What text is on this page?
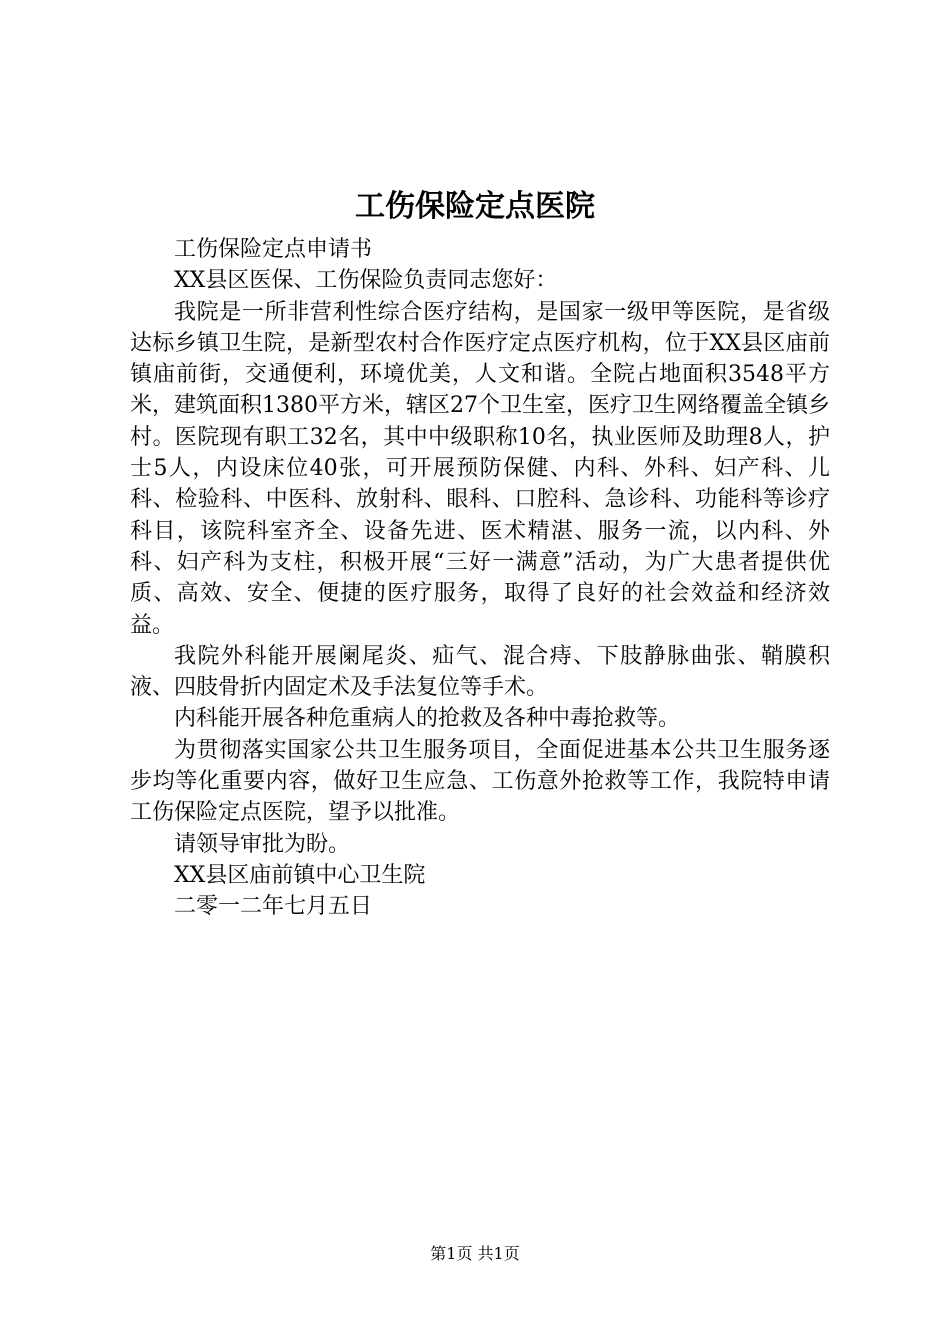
工伤保险定点医院

工伤保险定点申请书

XX县区医保、工伤保险负责同志您好：

我院是一所非营利性综合医疗结构，是国家一级甲等医院，是省级达标乡镇卫生院，是新型农村合作医疗定点医疗机构，位于XX县区庙前镇庙前街，交通便利，环境优美，人文和谐。全院占地面积3548平方米，建筑面积1380平方米，辖区27个卫生室，医疗卫生网络覆盖全镇乡村。医院现有职工32名，其中中级职称10名，执业医师及助理8人，护士5人，内设床位40张，可开展预防保健、内科、外科、妇产科、儿科、检验科、中医科、放射科、眼科、口腔科、急诊科、功能科等诊疗科目，该院科室齐全、设备先进、医术精湛、服务一流，以内科、外科、妇产科为支柱，积极开展“三好一满意”活动，为广大患者提供优质、高效、安全、便捷的医疗服务，取得了良好的社会效益和经济效益。

我院外科能开展阑尾炎、疝气、混合痔、下肢静脉曲张、鞘膜积液、四肢骨折内固定术及手法复位等手术。

内科能开展各种危重病人的抢救及各种中毒抢救等。

为贯彻落实国家公共卫生服务项目，全面促进基本公共卫生服务逐步均等化重要内容，做好卫生应急、工伤意外抢救等工作，我院特申请工伤保险定点医院，望予以批准。

请领导审批为盼。

XX县区庙前镇中心卫生院

二零一二年七月五日

第1页 共1页
